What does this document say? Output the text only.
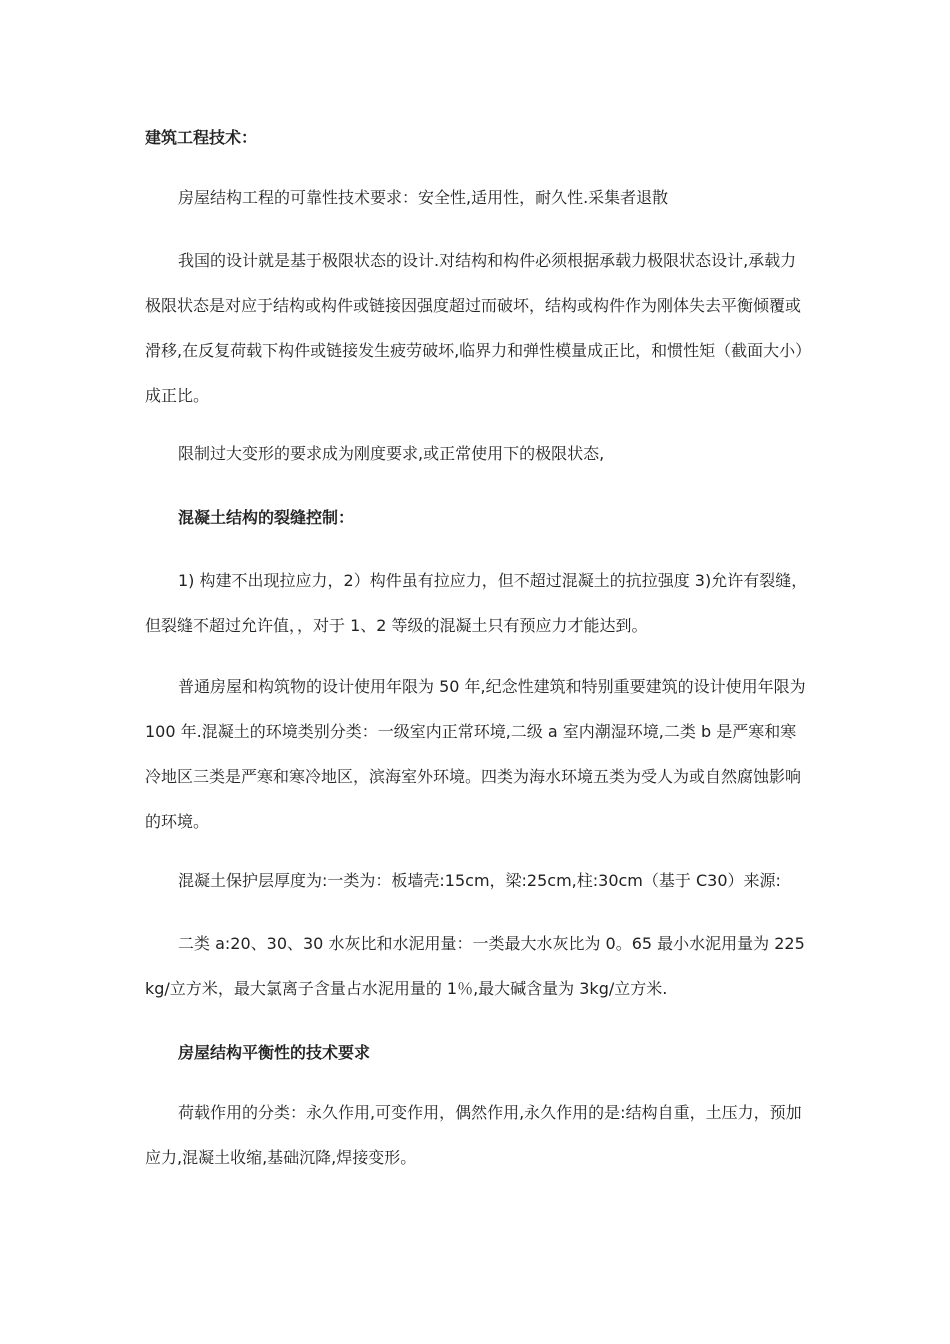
建筑工程技术：

房屋结构工程的可靠性技术要求：安全性,适用性，耐久性.采集者退散

我国的设计就是基于极限状态的设计.对结构和构件必须根据承载力极限状态设计,承载力极限状态是对应于结构或构件或链接因强度超过而破坏，结构或构件作为刚体失去平衡倾覆或滑移,在反复荷载下构件或链接发生疲劳破坏,临界力和弹性模量成正比，和惯性矩（截面大小）成正比。

限制过大变形的要求成为刚度要求,或正常使用下的极限状态,

混凝土结构的裂缝控制：

1) 构建不出现拉应力，2）构件虽有拉应力，但不超过混凝土的抗拉强度 3)允许有裂缝，但裂缝不超过允许值，，对于 1、2 等级的混凝土只有预应力才能达到。

普通房屋和构筑物的设计使用年限为 50 年,纪念性建筑和特别重要建筑的设计使用年限为 100 年.混凝土的环境类别分类：一级室内正常环境,二级 a 室内潮湿环境,二类 b 是严寒和寒冷地区三类是严寒和寒冷地区，滨海室外环境。四类为海水环境五类为受人为或自然腐蚀影响的环境。

混凝土保护层厚度为:一类为：板墙壳:15cm，梁:25cm,柱:30cm（基于 C30）来源:

二类 a:20、30、30 水灰比和水泥用量：一类最大水灰比为 0。65 最小水泥用量为 225kg/立方米，最大氯离子含量占水泥用量的 1％,最大碱含量为 3kg/立方米.

房屋结构平衡性的技术要求

荷载作用的分类：永久作用,可变作用，偶然作用,永久作用的是:结构自重，土压力，预加应力,混凝土收缩,基础沉降,焊接变形。
